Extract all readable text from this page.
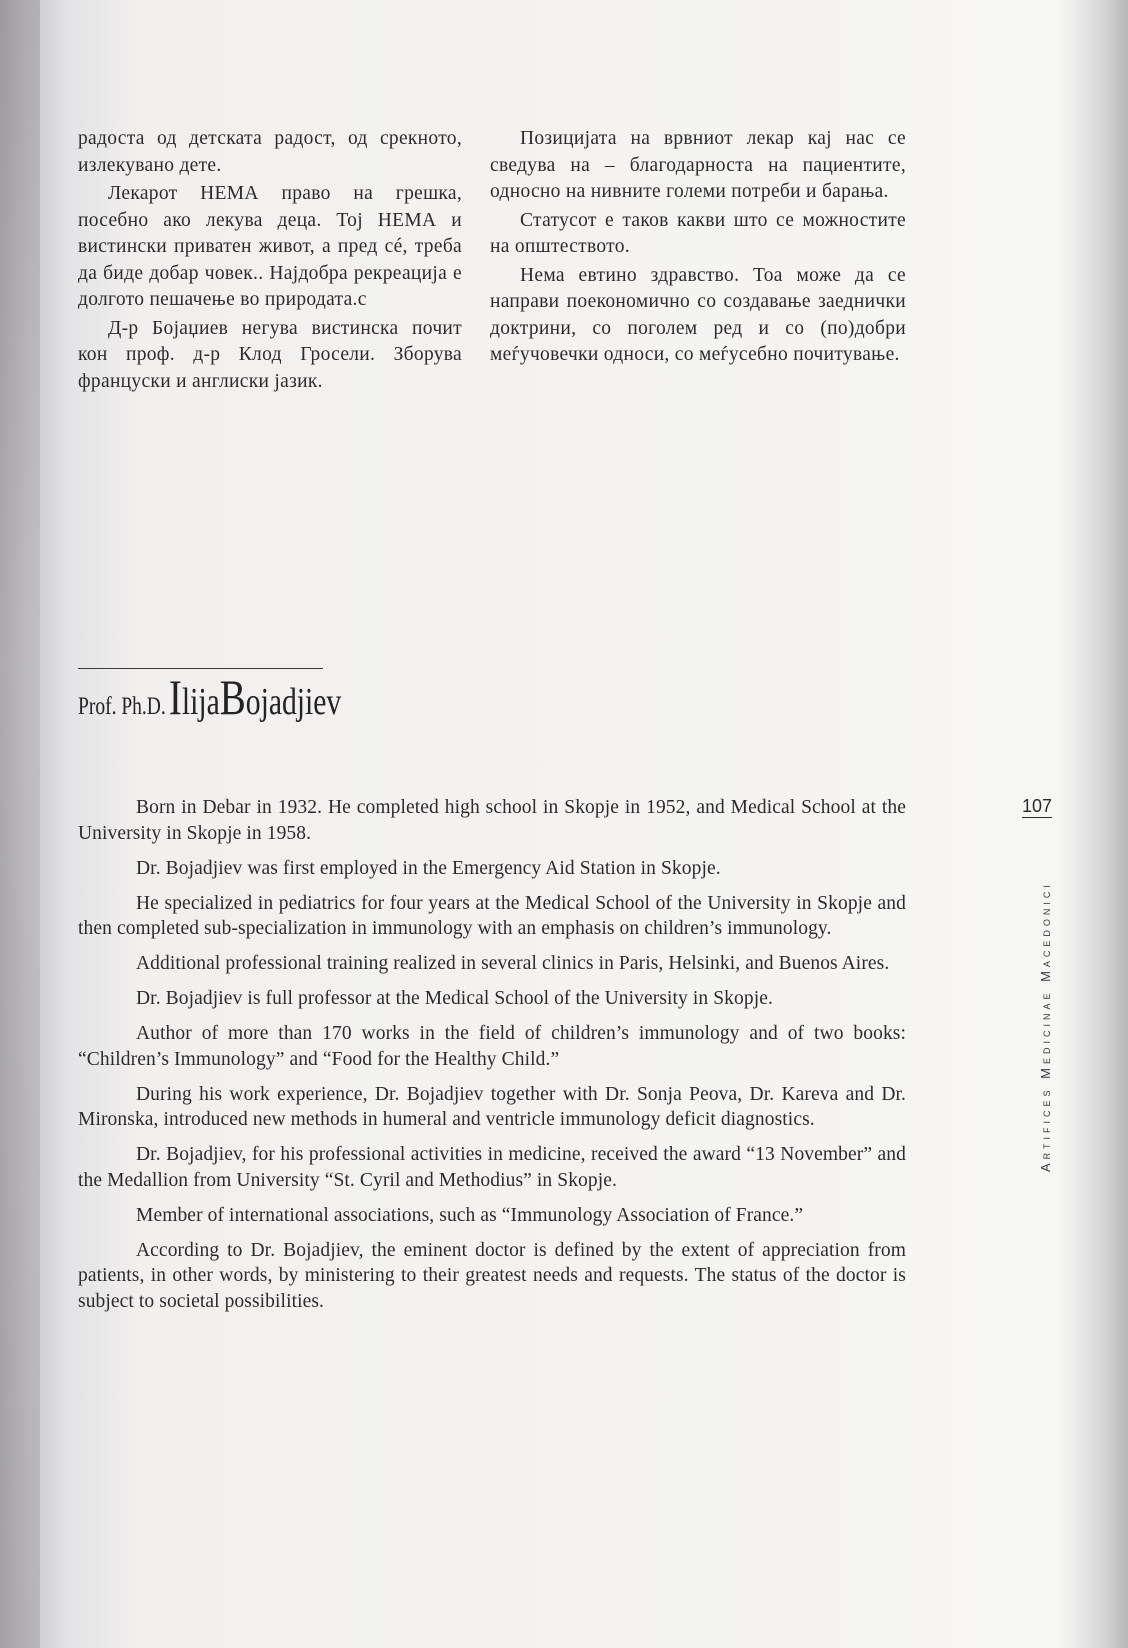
радоста од детската радост, од срекното, излекувано дете.

Лекарот НЕМА право на грешка, посебно ако лекува деца. Тој НЕМА и вистински приватен живот, а пред сé, треба да биде добар човек.. Најдобра рекреација е долгото пешачење во природата.с

Д-р Бојаџиев негува вистинска почит кон проф. д-р Клод Гросели. Зборува француски и англиски јазик.

Позицијата на врвниот лекар кај нас се сведува на – благодарноста на пациентите, односно на нивните големи потреби и барања.

Статусот е таков какви што се можностите на општеството.

Нема евтино здравство. Тоа може да се направи поекономично со создавање заеднички доктрини, со поголем ред и со (по)добри меѓучовечки односи, со меѓусебно почитување.

Prof. Ph.D. IlijaBojadjiev

Born in Debar in 1932. He completed high school in Skopje in 1952, and Medical School at the University in Skopje in 1958.

Dr. Bojadjiev was first employed in the Emergency Aid Station in Skopje.

He specialized in pediatrics for four years at the Medical School of the University in Skopje and then completed sub-specialization in immunology with an emphasis on children’s immunology.

Additional professional training realized in several clinics in Paris, Helsinki, and Buenos Aires.

Dr. Bojadjiev is full professor at the Medical School of the University in Skopje.

Author of more than 170 works in the field of children’s immunology and of two books: “Children’s Immunology” and “Food for the Healthy Child.”

During his work experience, Dr. Bojadjiev together with Dr. Sonja Peova, Dr. Kareva and Dr. Mironska, introduced new methods in humeral and ventricle immunology deficit diagnostics.

Dr. Bojadjiev, for his professional activities in medicine, received the award “13 November” and the Medallion from University “St. Cyril and Methodius” in Skopje.

Member of international associations, such as “Immunology Association of France.”

According to Dr. Bojadjiev, the eminent doctor is defined by the extent of appreciation from patients, in other words, by ministering to their greatest needs and requests. The status of the doctor is subject to societal possibilities.

107
Artifices Medicinae Macedonici
